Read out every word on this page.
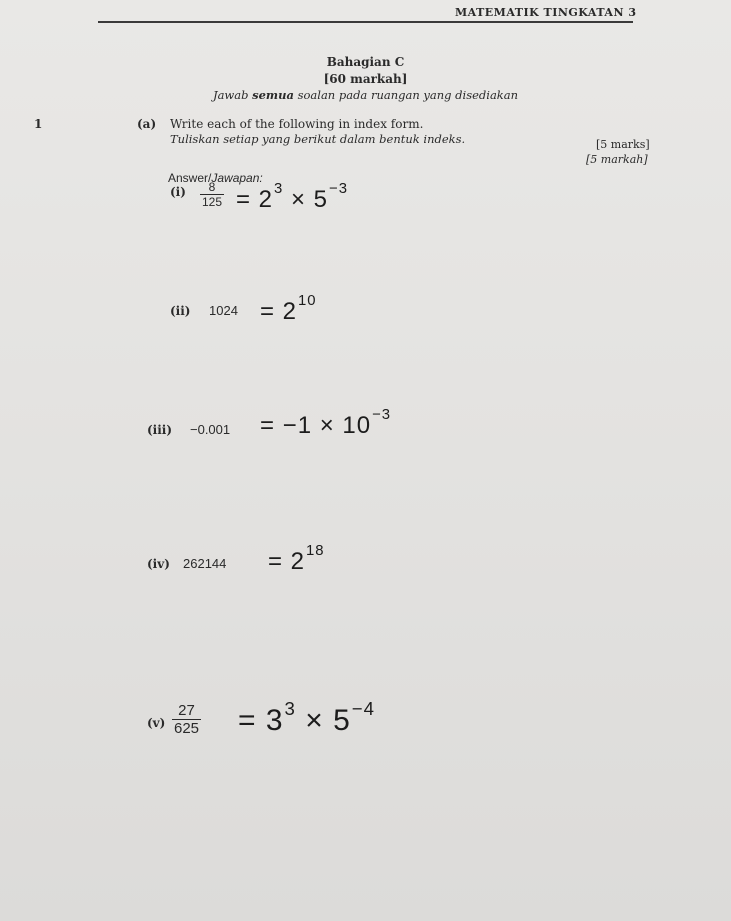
MATEMATIK TINGKATAN 3
Bahagian C
[60 markah]
Jawab semua soalan pada ruangan yang disediakan
1	(a) Write each of the following in index form.
Tuliskan setiap yang berikut dalam bentuk indeks.	[5 marks]
[5 markah]
Answer/Jawapan:
$(i) \frac{8}{125} = 2^3 \times 5^{-3}$
(ii) $1024 = 2^{10}$
$(iii) -0.001 = -1 \times 10^{-3}$
(iv) $262144 = 2^{18}$
$(v) \frac{27}{625} = 3^3 \times 5^{-4}$
